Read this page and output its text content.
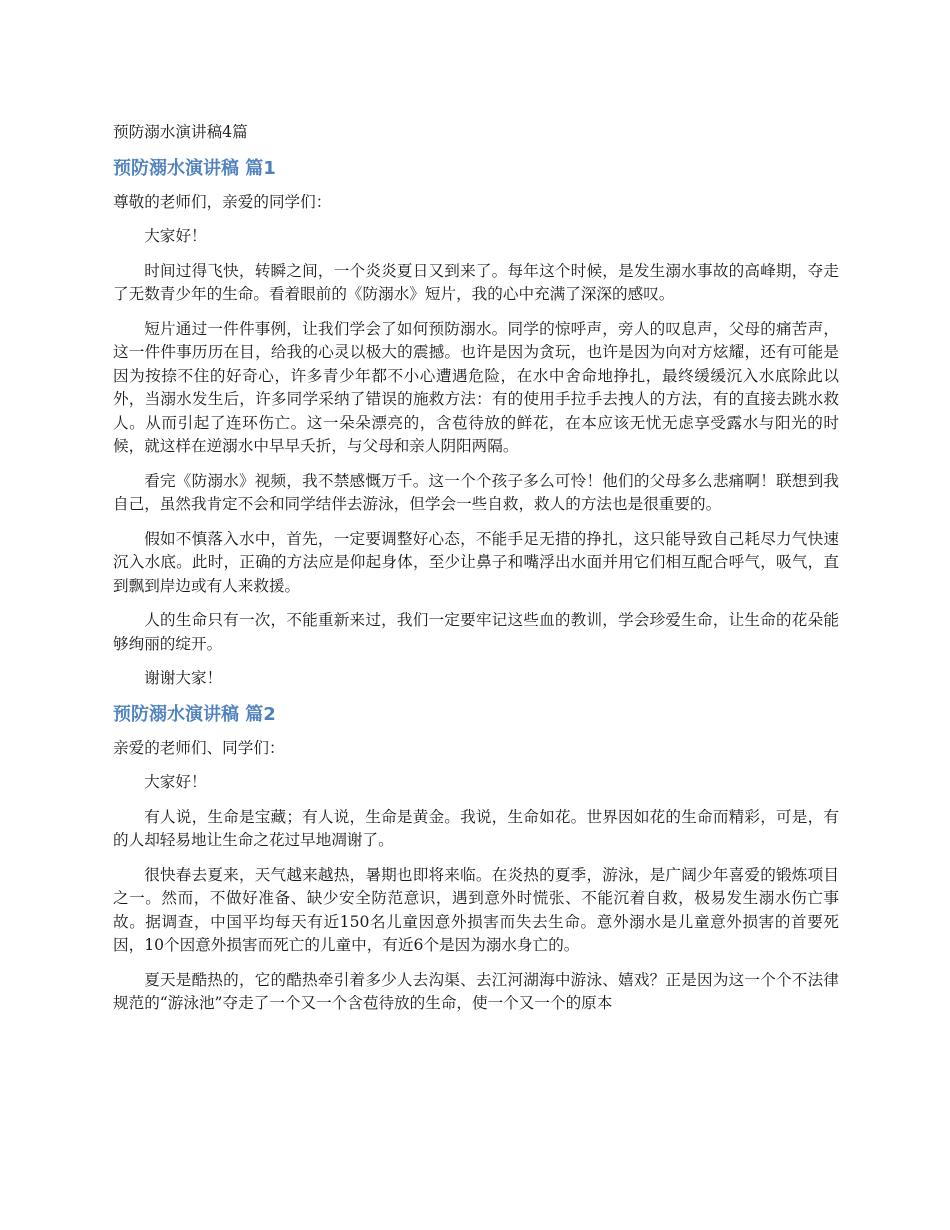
预防溺水演讲稿4篇

预防溺水演讲稿 篇1

尊敬的老师们，亲爱的同学们：

大家好！

时间过得飞快，转瞬之间，一个炎炎夏日又到来了。每年这个时候，是发生溺水事故的高峰期，夺走了无数青少年的生命。看着眼前的《防溺水》短片，我的心中充满了深深的感叹。

短片通过一件件事例，让我们学会了如何预防溺水。同学的惊呼声，旁人的叹息声，父母的痛苦声，这一件件事历历在目，给我的心灵以极大的震撼。也许是因为贪玩，也许是因为向对方炫耀，还有可能是因为按捺不住的好奇心，许多青少年都不小心遭遇危险，在水中舍命地挣扎，最终缓缓沉入水底除此以外，当溺水发生后，许多同学采纳了错误的施救方法：有的使用手拉手去拽人的方法，有的直接去跳水救人。从而引起了连环伤亡。这一朵朵漂亮的，含苞待放的鲜花，在本应该无忧无虑享受露水与阳光的时候，就这样在逆溺水中早早夭折，与父母和亲人阴阳两隔。

看完《防溺水》视频，我不禁感慨万千。这一个个孩子多么可怜！他们的父母多么悲痛啊！联想到我自己，虽然我肯定不会和同学结伴去游泳，但学会一些自救，救人的方法也是很重要的。

假如不慎落入水中，首先，一定要调整好心态，不能手足无措的挣扎，这只能导致自己耗尽力气快速沉入水底。此时，正确的方法应是仰起身体，至少让鼻子和嘴浮出水面并用它们相互配合呼气，吸气，直到飘到岸边或有人来救援。

人的生命只有一次，不能重新来过，我们一定要牢记这些血的教训，学会珍爱生命，让生命的花朵能够绚丽的绽开。

谢谢大家！

预防溺水演讲稿 篇2

亲爱的老师们、同学们：

大家好！

有人说，生命是宝藏；有人说，生命是黄金。我说，生命如花。世界因如花的生命而精彩，可是，有的人却轻易地让生命之花过早地凋谢了。

很快春去夏来，天气越来越热，暑期也即将来临。在炎热的夏季，游泳，是广阔少年喜爱的锻炼项目之一。然而，不做好准备、缺少安全防范意识，遇到意外时慌张、不能沉着自救，极易发生溺水伤亡事故。据调查，中国平均每天有近150名儿童因意外损害而失去生命。意外溺水是儿童意外损害的首要死因，10个因意外损害而死亡的儿童中，有近6个是因为溺水身亡的。

夏天是酷热的，它的酷热牵引着多少人去沟渠、去江河湖海中游泳、嬉戏？正是因为这一个个不法律规范的“游泳池”夺走了一个又一个含苞待放的生命，使一个又一个的原本
